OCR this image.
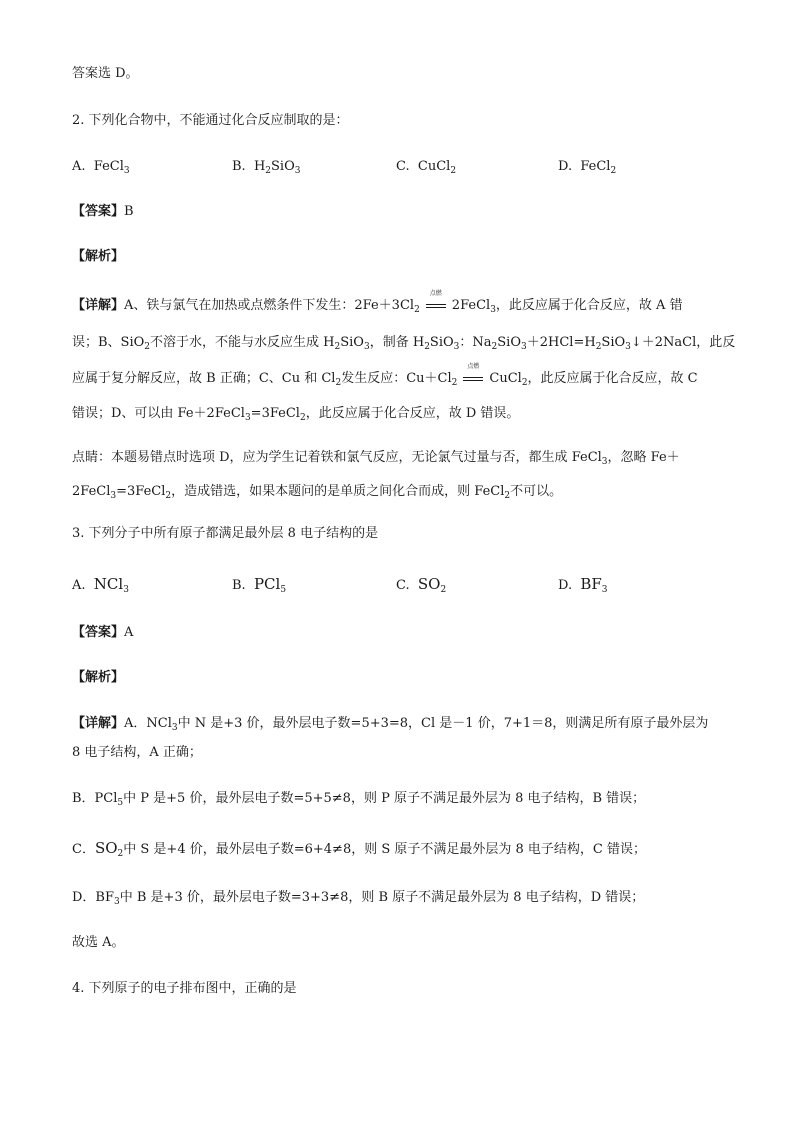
答案选 D。
2. 下列化合物中，不能通过化合反应制取的是：
A. FeCl$_3$	B. $H_2SiO_3$	C. CuCl$_2$	D. FeCl$_2$
【答案】B
【解析】
【详解】A、铁与氯气在加热或点燃条件下发生：$2Fe+3Cl_2$
点燃
2FeCl$_3$，此反应属于化合反应，故 A 错
误；B、SiO$_2$不溶于水，不能与水反应生成 $H_2SiO_3$，制备 $H_2SiO_3$：$Na_2SiO_3+2HCl=H_2SiO_3↓+2NaCl$，此反
应属于复分解反应，故 B 正确；C、Cu 和 $Cl_2$发生反应：$Cu+Cl_2$
点燃
CuCl$_2$，此反应属于化合反应，故 C
错误；D、可以由 Fe＋2FeCl$_3$=3FeCl$_2$，此反应属于化合反应，故 D 错误。
点睛：本题易错点时选项 D，应为学生记着铁和氯气反应，无论氯气过量与否，都生成 FeCl$_3$，忽略 Fe＋
2FeCl$_3$=3FeCl$_2$，造成错选，如果本题问的是单质之间化合而成，则 FeCl$_2$不可以。
3. 下列分子中所有原子都满足最外层 8 电子结构的是
A. NCl$_3$	B. PCl$_5$	C. $SO_2$	D. $BF_3$
【答案】A
【解析】
【详解】A．NCl$_3$中 N 是+3 价，最外层电子数=5+3=8，Cl 是－1 价，7+1＝8，则满足所有原子最外层为
8 电子结构，A 正确；
B．PCl$_5$中 P 是+5 价，最外层电子数=5+5≠8，则 P 原子不满足最外层为 8 电子结构，B 错误；
C．$SO_2$中 S 是+4 价，最外层电子数=6+4≠8，则 S 原子不满足最外层为 8 电子结构，C 错误；
D．$BF_3$中 B 是+3 价，最外层电子数=3+3≠8，则 B 原子不满足最外层为 8 电子结构，D 错误；
故选 A。
4. 下列原子的电子排布图中，正确的是
